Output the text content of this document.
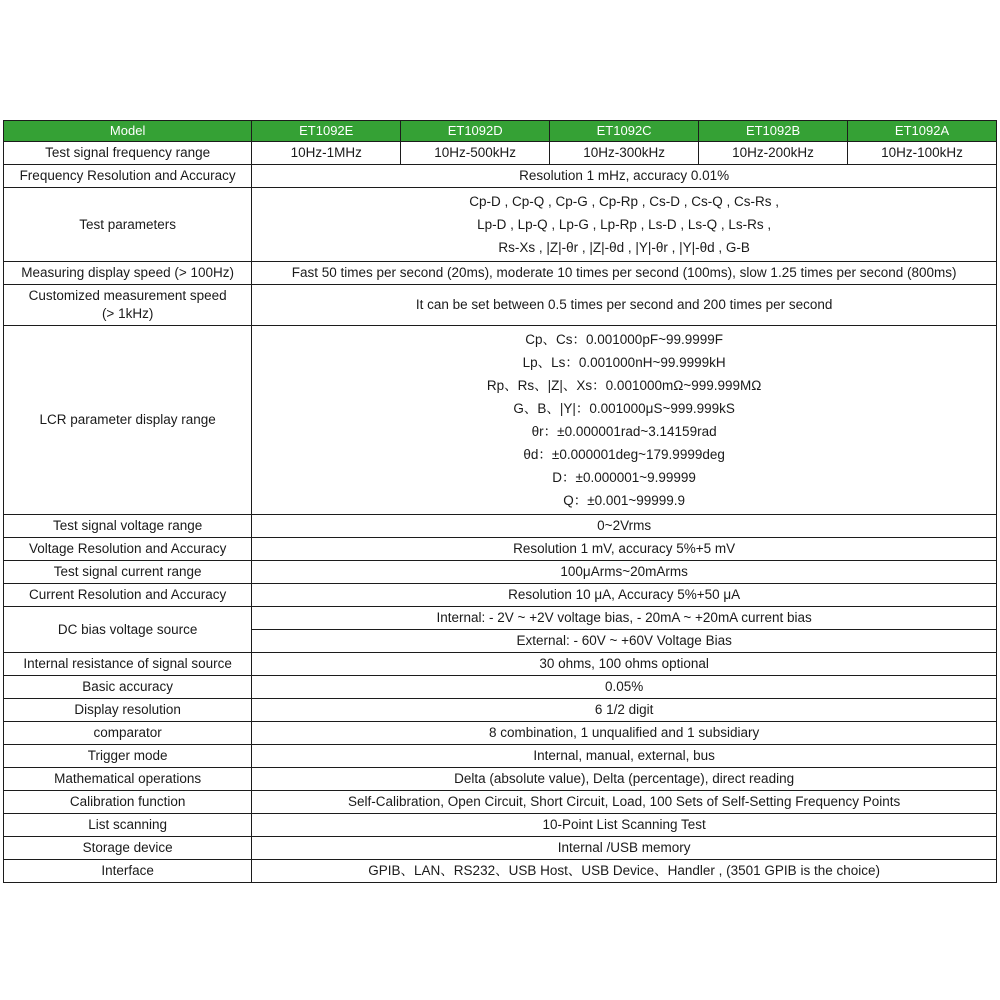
Model	ET1092E	ET1092D	ET1092C	ET1092B	ET1092A
Test signal frequency range	10Hz-1MHz	10Hz-500kHz	10Hz-300kHz	10Hz-200kHz	10Hz-100kHz
Frequency Resolution and Accuracy	Resolution 1 mHz, accuracy 0.01%				
Test parameters	Cp-D , Cp-Q , Cp-G , Cp-Rp , Cs-D , Cs-Q , Cs-Rs ,
Lp-D , Lp-Q , Lp-G , Lp-Rp , Ls-D , Ls-Q , Ls-Rs ,
Rs-Xs , |Z|-θr , |Z|-θd , |Y|-θr , |Y|-θd , G-B				

Measuring display speed (> 100Hz)	Fast 50 times per second (20ms), moderate 10 times per second (100ms), slow 1.25 times per second (800ms)				

Customized measurement speed
(> 1kHz)	It can be set between 0.5 times per second and 200 times per second				
LCR parameter display range	
Cp、Cs：0.001000pF~99.9999F
Lp、Ls：0.001000nH~99.9999kH
Rp、Rs、|Z|、Xs：0.001000mΩ~999.999MΩ
G、B、|Y|：0.001000μS~999.999kS
θr：±0.000001rad~3.14159rad
θd：±0.000001deg~179.9999deg
D：±0.000001~9.99999
Q：±0.001~99999.9

Test signal voltage range	0~2Vrms				
Voltage Resolution and Accuracy	Resolution 1 mV, accuracy 5%+5 mV				
Test signal current range	100μArms~20mArms				
Current Resolution and Accuracy	Resolution 10 μA, Accuracy 5%+50 μA				
DC bias voltage source	Internal: - 2V ~ +2V voltage bias, - 20mA ~ +20mA current bias				
	External: - 60V ~ +60V Voltage Bias				
Internal resistance of signal source	30 ohms, 100 ohms optional				
Basic accuracy	0.05%				
Display resolution	6 1/2 digit				
comparator	8 combination, 1 unqualified and 1 subsidiary				
Trigger mode	Internal, manual, external, bus				
Mathematical operations	Delta (absolute value), Delta (percentage), direct reading				
Calibration function	Self-Calibration, Open Circuit, Short Circuit, Load, 100 Sets of Self-Setting Frequency Points				
List scanning	10-Point List Scanning Test				
Storage device	Internal /USB memory				
Interface	GPIB、LAN、RS232、USB Host、USB Device、Handler , (3501 GPIB is the choice)				
